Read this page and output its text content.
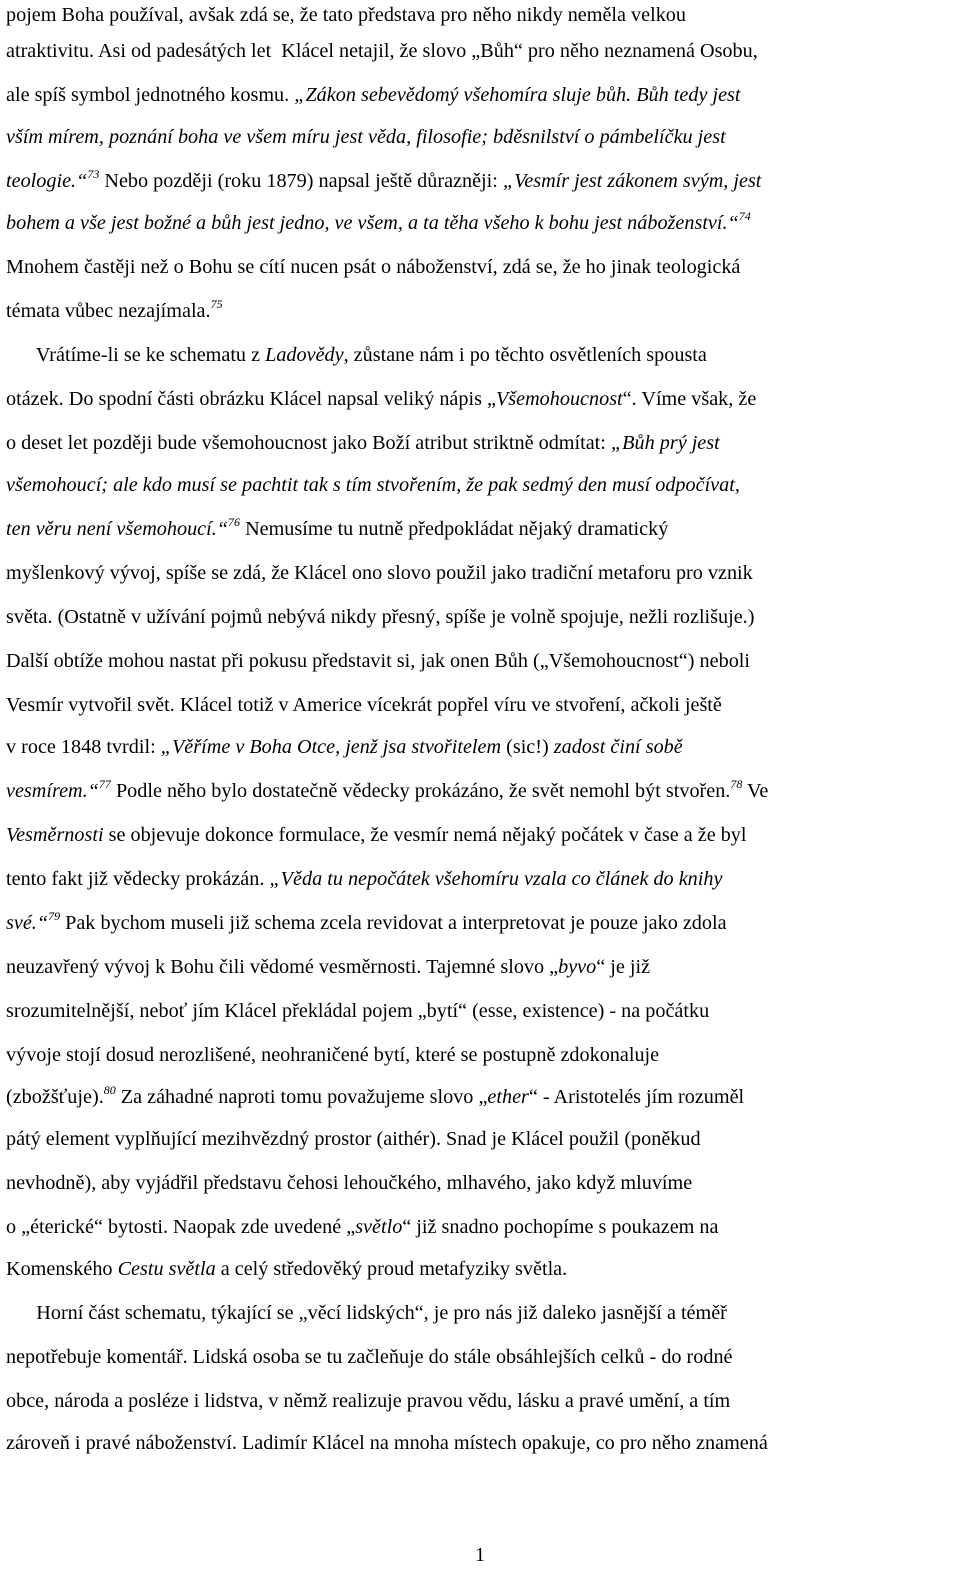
pojem Boha používal, avšak zdá se, že tato představa pro něho nikdy neměla velkou
atraktivitu. Asi od padesátých let  Klácel netajil, že slovo „Bůh“ pro něho neznamená Osobu,
ale spíš symbol jednotného kosmu. „Zákon sebevědomý všehomíra sluje bůh. Bůh tedy jest
vším mírem, poznání boha ve všem míru jest věda, filosofie; bděsnilství o pámbelíčku jest
teologie.“$^{73}$ Nebo později (roku 1879) napsal ještě důrazněji: „Vesmír jest zákonem svým, jest
bohem a vše jest božné a bůh jest jedno, ve všem, a ta těha všeho k bohu jest náboženství.“$^{74}$
Mnohem častěji než o Bohu se cítí nucen psát o náboženství, zdá se, že ho jinak teologická
témata vůbec nezajímala.$^{75}$
Vrátíme-li se ke schematu z Ladovědy, zůstane nám i po těchto osvětleních spousta
otázek. Do spodní části obrázku Klácel napsal veliký nápis „Všemohoucnost“. Víme však, že
o deset let později bude všemohoucnost jako Boží atribut striktně odmítat: „Bůh prý jest
všemohoucí; ale kdo musí se pachtit tak s tím stvořením, že pak sedmý den musí odpočívat,
ten věru není všemohoucí.“$^{76}$ Nemusíme tu nutně předpokládat nějaký dramatický
myšlenkový vývoj, spíše se zdá, že Klácel ono slovo použil jako tradiční metaforu pro vznik
světa. (Ostatně v užívání pojmů nebývá nikdy přesný, spíše je volně spojuje, nežli rozlišuje.)
Další obtíže mohou nastat při pokusu představit si, jak onen Bůh („Všemohoucnost“) neboli
Vesmír vytvořil svět. Klácel totiž v Americe vícekrát popřel víru ve stvoření, ačkoli ještě
v roce 1848 tvrdil: „Věříme v Boha Otce, jenž jsa stvořitelem (sic!) zadost činí sobě
vesmírem.“$^{77}$ Podle něho bylo dostatečně vědecky prokázáno, že svět nemohl být stvořen.$^{78}$ Ve
Vesměrnosti se objevuje dokonce formulace, že vesmír nemá nějaký počátek v čase a že byl
tento fakt již vědecky prokázán. „Věda tu nepočátek všehomíru vzala co článek do knihy
své.“$^{79}$ Pak bychom museli již schema zcela revidovat a interpretovat je pouze jako zdola
neuzavřený vývoj k Bohu čili vědomé vesměrnosti. Tajemné slovo „byvo“ je již
srozumitelnější, neboť jím Klácel překládal pojem „bytí“ (esse, existence) - na počátku
vývoje stojí dosud nerozlišené, neohraničené bytí, které se postupně zdokonaluje
(zbožšťuje).$^{80}$ Za záhadné naproti tomu považujeme slovo „ether“ - Aristotelés jím rozuměl
pátý element vyplňující mezihvězdný prostor (aithér). Snad je Klácel použil (poněkud
nevhodně), aby vyjádřil představu čehosi lehoučkého, mlhavého, jako když mluvíme
o „éterické“ bytosti. Naopak zde uvedené „světlo“ již snadno pochopíme s poukazem na
Komenského Cestu světla a celý středověký proud metafyziky světla.
Horní část schematu, týkající se „věcí lidských“, je pro nás již daleko jasnější a téměř
nepotřebuje komentář. Lidská osoba se tu začleňuje do stále obsáhlejších celků - do rodné
obce, národa a posléze i lidstva, v němž realizuje pravou vědu, lásku a pravé umění, a tím
zároveň i pravé náboženství. Ladimír Klácel na mnoha místech opakuje, co pro něho znamená
1
